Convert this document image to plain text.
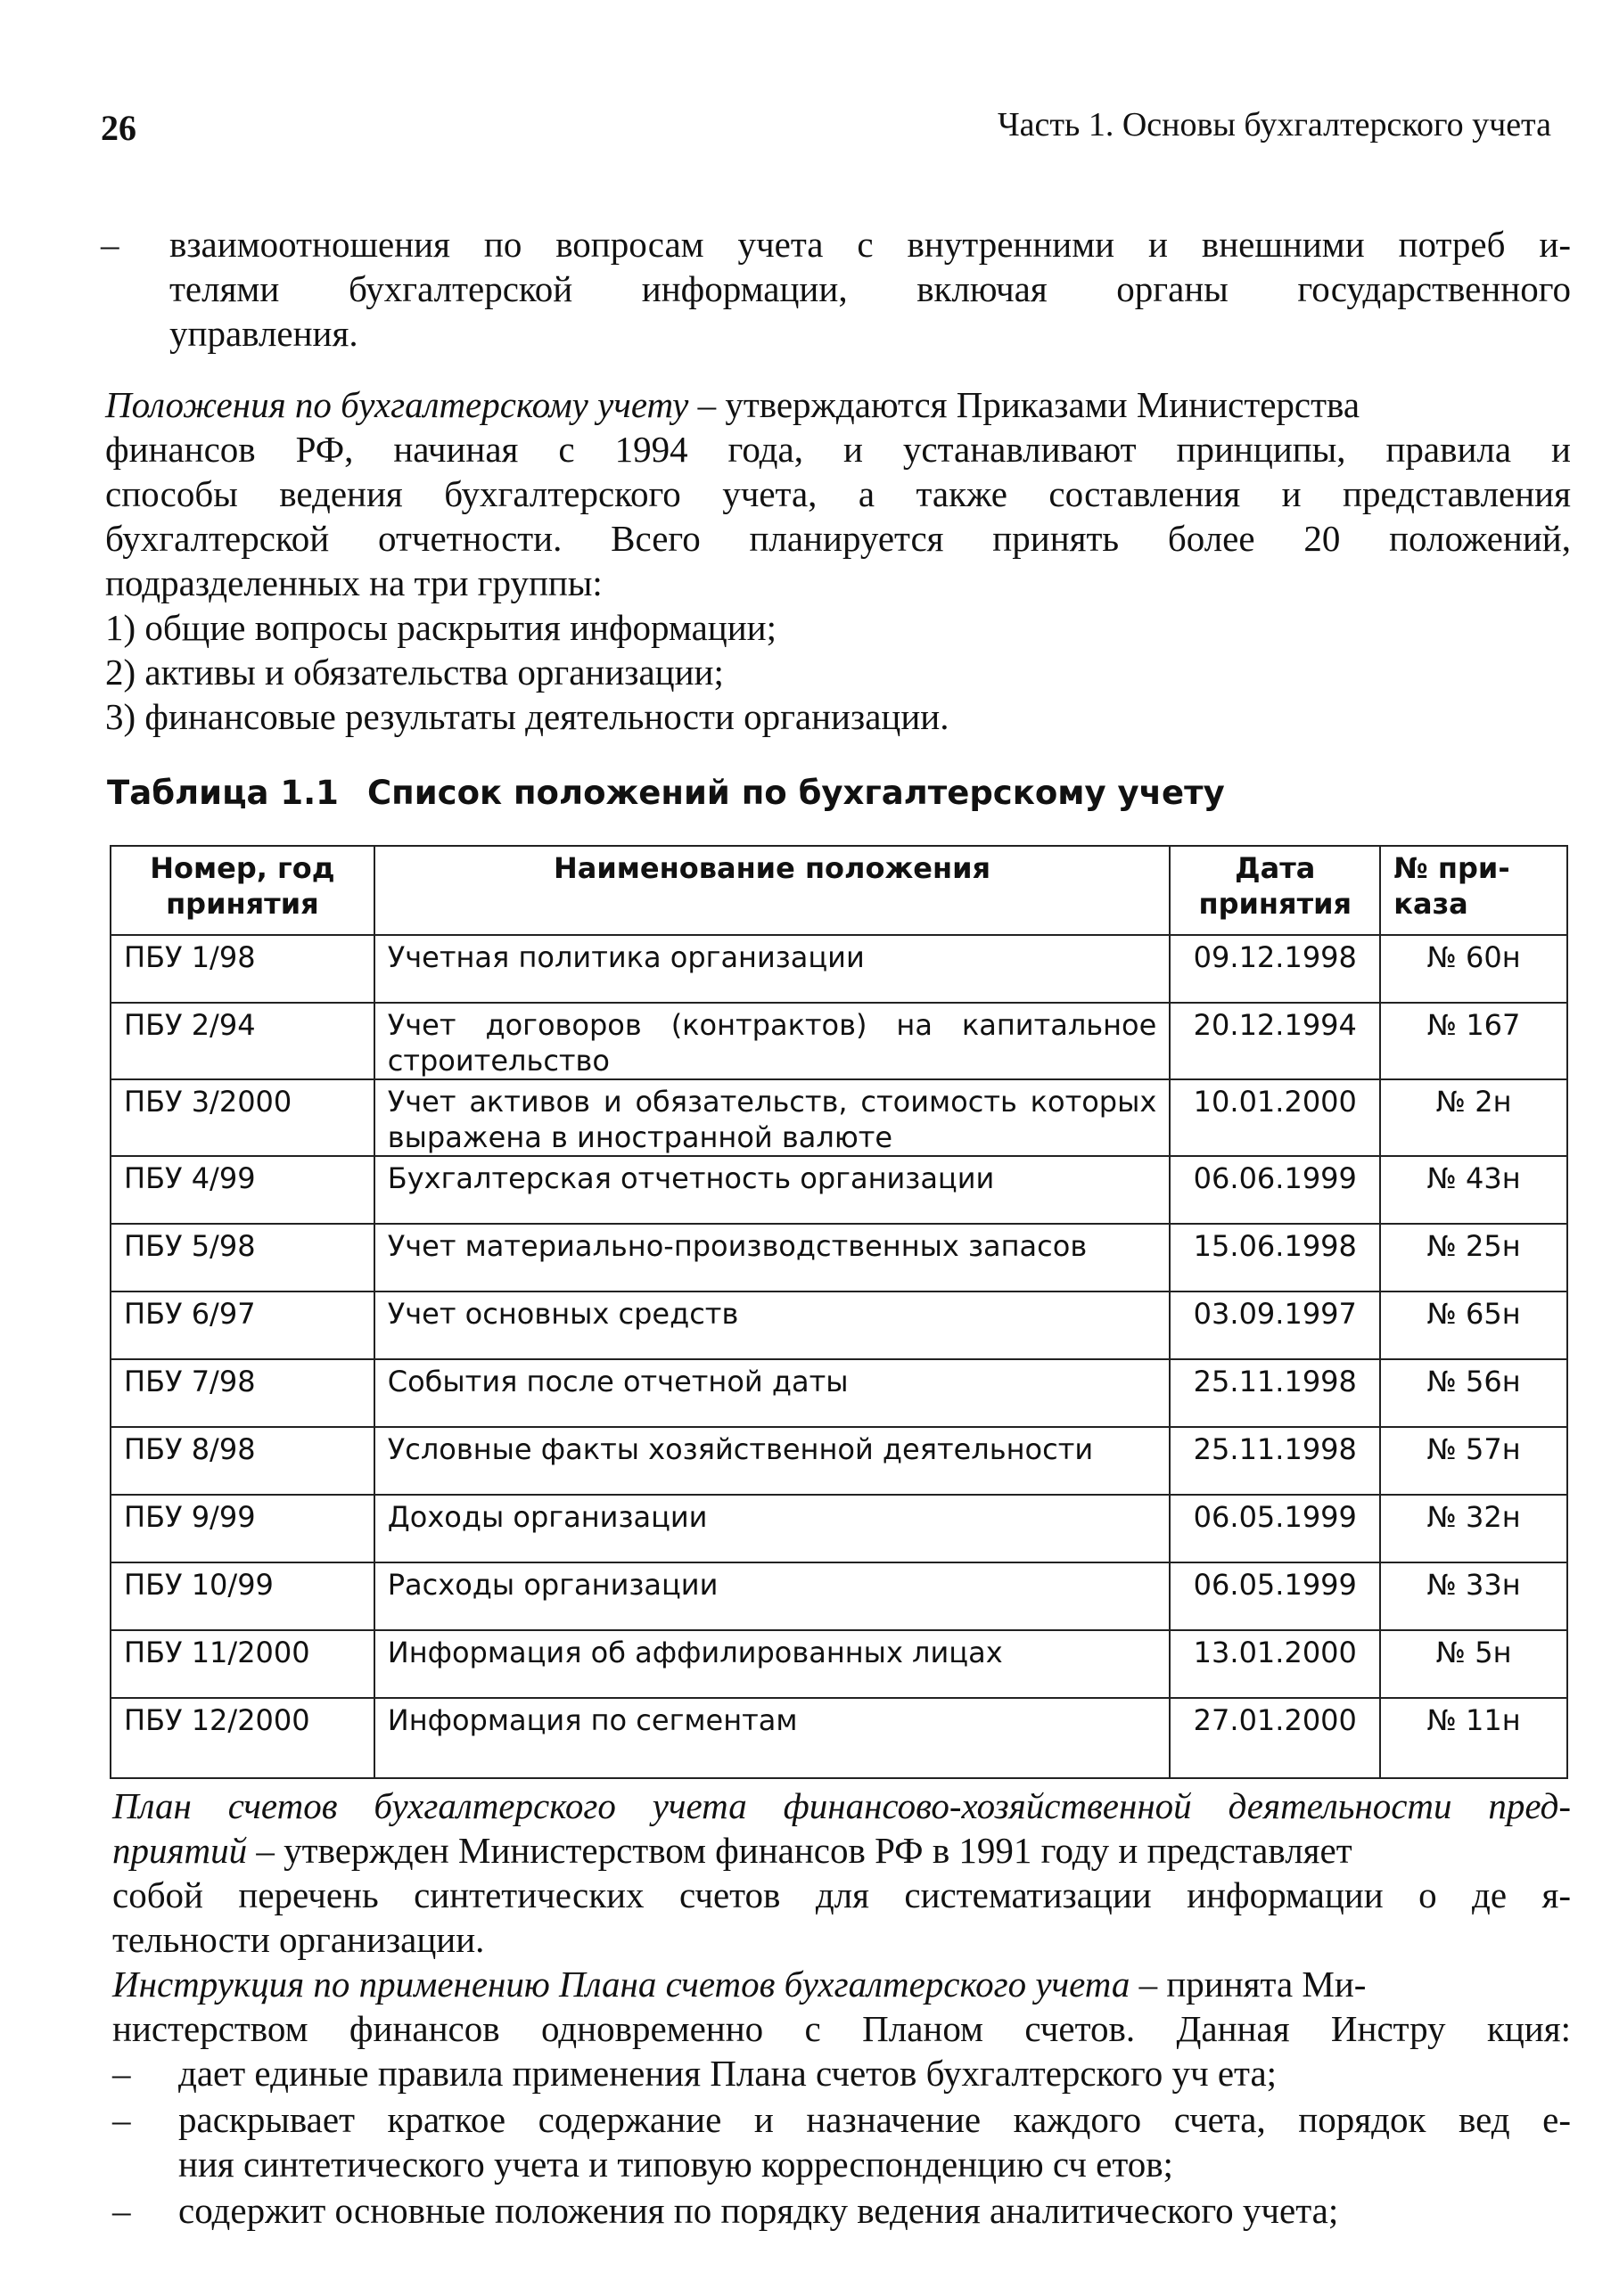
26	Часть 1. Основы бухгалтерского учета
– взаимоотношения по вопросам учета с внутренними и внешними потреб и-

телями бухгалтерской информации, включая органы государственного

управления.

Положения по бухгалтерскому учету – утверждаются Приказами Министерства

финансов РФ, начиная с 1994 года, и устанавливают принципы, правила и

способы ведения бухгалтерского учета, а также составления и представления

бухгалтерской отчетности. Всего планируется принять более 20 положений,

подразделенных на три группы:

1) общие вопросы раскрытия информации;

2) активы и обязательства организации;

3) финансовые результаты деятельности организации.

Таблица 1.1 Список положений по бухгалтерскому учету
Номер, год принятия	Наименование положения	Дата принятия	№ при-казa
ПБУ 1/98	Учетная политика организации	09.12.1998	№ 60н
ПБУ 2/94	Учет договоров (контрактов) на капитальное строительство	20.12.1994	№ 167
ПБУ 3/2000	Учет активов и обязательств, стоимость которых выражена в иностранной валюте	10.01.2000	№ 2н
ПБУ 4/99	Бухгалтерская отчетность организации	06.06.1999	№ 43н
ПБУ 5/98	Учет материально-производственных запасов	15.06.1998	№ 25н
ПБУ 6/97	Учет основных средств	03.09.1997	№ 65н
ПБУ 7/98	События после отчетной даты	25.11.1998	№ 56н
ПБУ 8/98	Условные факты хозяйственной деятельности	25.11.1998	№ 57н
ПБУ 9/99	Доходы организации	06.05.1999	№ 32н
ПБУ 10/99	Расходы организации	06.05.1999	№ 33н
ПБУ 11/2000	Информация об аффилированных лицах	13.01.2000	№ 5н
ПБУ 12/2000	Информация по сегментам	27.01.2000	№ 11н

План счетов бухгалтерского учета финансово-хозяйственной деятельности пред-

приятий – утвержден Министерством финансов РФ в 1991 году и представляет

собой перечень синтетических счетов для систематизации информации о де я-

тельности организации.

Инструкция по применению Плана счетов бухгалтерского учета – принята Ми-

нистерством финансов одновременно с Планом счетов. Данная Инстру кция:

– дает единые правила применения Плана счетов бухгалтерского уч ета;

– раскрывает краткое содержание и назначение каждого счета, порядок вед е-

ния синтетического учета и типовую корреспонденцию сч етов;

– содержит основные положения по порядку ведения аналитического учета;
